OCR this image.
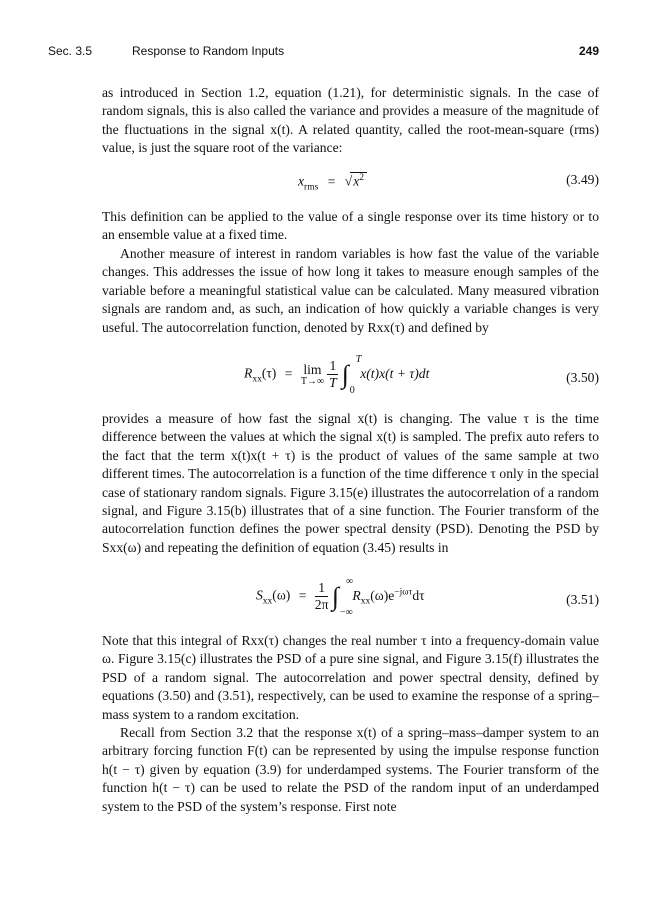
Sec. 3.5	Response to Random Inputs	249

as introduced in Section 1.2, equation (1.21), for deterministic signals. In the case of random signals, this is also called the variance and provides a measure of the magnitude of the fluctuations in the signal x(t). A related quantity, called the root-mean-square (rms) value, is just the square root of the variance:

$x_{rms} = √x^2$	(3.49)

This definition can be applied to the value of a single response over its time history or to an ensemble value at a fixed time.

Another measure of interest in random variables is how fast the value of the variable changes. This addresses the issue of how long it takes to measure enough samples of the variable before a meaningful statistical value can be calculated. Many measured vibration signals are random and, as such, an indication of how quickly a variable changes is very useful. The autocorrelation function, denoted by Rxx(τ) and defined by

$R_{xx}(\tau) = \lim$
T→∞
$\frac{1}{T}$ ∫
T
0
x(t)x(t + τ)dt	(3.50)

provides a measure of how fast the signal x(t) is changing. The value τ is the time difference between the values at which the signal x(t) is sampled. The prefix auto refers to the fact that the term x(t)x(t + τ) is the product of values of the same sample at two different times. The autocorrelation is a function of the time difference τ only in the special case of stationary random signals. Figure 3.15(e) illustrates the autocorrelation of a random signal, and Figure 3.15(b) illustrates that of a sine function. The Fourier transform of the autocorrelation function defines the power spectral density (PSD). Denoting the PSD by Sxx(ω) and repeating the definition of equation (3.45) results in

$S_{xx}(\omega) = \frac{1}{2\pi}$ ∫
∞
−∞
$R_{xx}(\omega)e^{-j\omega\tau}d\tau$	(3.51)

Note that this integral of Rxx(τ) changes the real number τ into a frequency-domain value ω. Figure 3.15(c) illustrates the PSD of a pure sine signal, and Figure 3.15(f) illustrates the PSD of a random signal. The autocorrelation and power spectral density, defined by equations (3.50) and (3.51), respectively, can be used to examine the response of a spring–mass system to a random excitation.

Recall from Section 3.2 that the response x(t) of a spring–mass–damper system to an arbitrary forcing function F(t) can be represented by using the impulse response function h(t − τ) given by equation (3.9) for underdamped systems. The Fourier transform of the function h(t − τ) can be used to relate the PSD of the random input of an underdamped system to the PSD of the system’s response. First note
